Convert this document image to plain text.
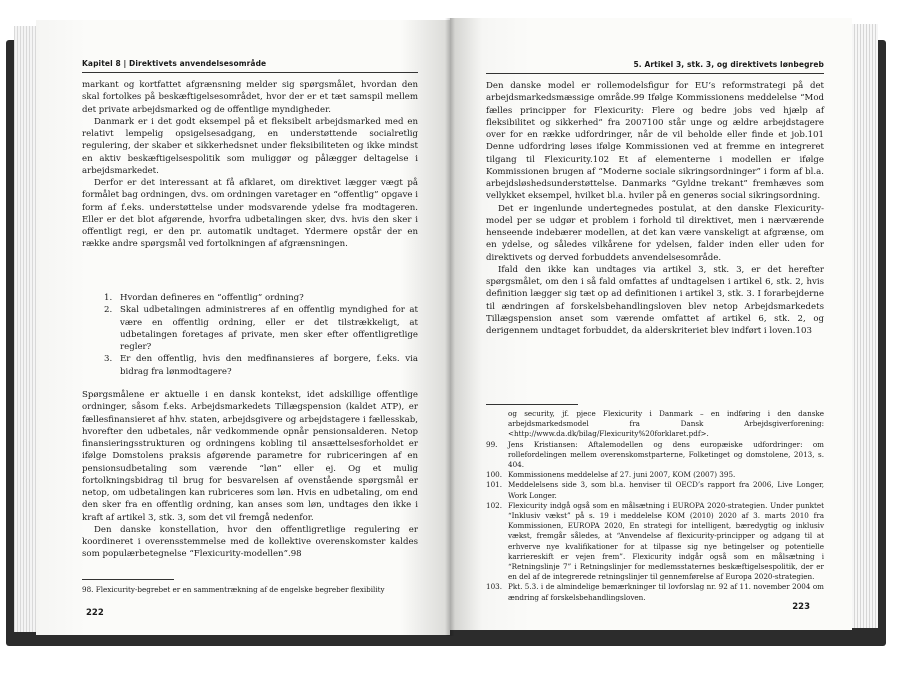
Kapitel 8 | Direktivets anvendelsesområde

markant og kortfattet afgrænsning melder sig spørgsmålet, hvordan den skal fortolkes på beskæftigelsesområdet, hvor der er et tæt samspil mellem det private arbejdsmarked og de offentlige myndigheder.

Danmark er i det godt eksempel på et fleksibelt arbejdsmarked med en relativt lempelig opsigelsesadgang, en understøttende socialretlig regulering, der skaber et sikkerhedsnet under fleksibiliteten og ikke mindst en aktiv beskæftigelsespolitik som muliggør og pålægger deltagelse i arbejdsmarkedet.

Derfor er det interessant at få afklaret, om direktivet lægger vægt på formålet bag ordningen, dvs. om ordningen varetager en “offentlig” opgave i form af f.eks. understøttelse under modsvarende ydelse fra modtageren. Eller er det blot afgørende, hvorfra udbetalingen sker, dvs. hvis den sker i offentligt regi, er den pr. automatik undtaget. Ydermere opstår der en række andre spørgsmål ved fortolkningen af afgrænsningen.

1. Hvordan defineres en “offentlig” ordning?
2. Skal udbetalingen administreres af en offentlig myndighed for at være en offentlig ordning, eller er det tilstrækkeligt, at udbetalingen foretages af private, men sker efter offentligretlige regler?
3. Er den offentlig, hvis den medfinansieres af borgere, f.eks. via bidrag fra lønmodtagere?

Spørgsmålene er aktuelle i en dansk kontekst, idet adskillige offentlige ordninger, såsom f.eks. Arbejdsmarkedets Tillægspension (kaldet ATP), er fællesfinansieret af hhv. staten, arbejdsgivere og arbejdstagere i fællesskab, hvorefter den udbetales, når vedkommende opnår pensionsalderen. Netop finansieringsstrukturen og ordningens kobling til ansættelsesforholdet er ifølge Domstolens praksis afgørende parametre for rubriceringen af en pensionsudbetaling som værende “løn” eller ej. Og et mulig fortolkningsbidrag til brug for besvarelsen af ovenstående spørgsmål er netop, om udbetalingen kan rubriceres som løn. Hvis en udbetaling, om end den sker fra en offentlig ordning, kan anses som løn, undtages den ikke i kraft af artikel 3, stk. 3, som det vil fremgå nedenfor.

Den danske konstellation, hvor den offentligretlige regulering er koordineret i overensstemmelse med de kollektive overenskomster kaldes som populærbetegnelse “Flexicurity-modellen”.98

98. Flexicurity-begrebet er en sammentrækning af de engelske begreber flexibility
222
5. Artikel 3, stk. 3, og direktivets lønbegreb

Den danske model er rollemodelsfigur for EU’s reformstrategi på det arbejdsmarkedsmæssige område.99 Ifølge Kommissionens meddelelse “Mod fælles principper for Flexicurity: Flere og bedre jobs ved hjælp af fleksibilitet og sikkerhed” fra 2007100 står unge og ældre arbejdstagere over for en række udfordringer, når de vil beholde eller finde et job.101 Denne udfordring løses ifølge Kommissionen ved at fremme en integreret tilgang til Flexicurity.102 Et af elementerne i modellen er ifølge Kommissionen brugen af “Moderne sociale sikringsordninger” i form af bl.a. arbejdsløshedsunderstøttelse. Danmarks “Gyldne trekant” fremhæves som vellykket eksempel, hvilket bl.a. hviler på en generøs social sikringsordning.

Det er ingenlunde undertegnedes postulat, at den danske Flexicurity-model per se udgør et problem i forhold til direktivet, men i nærværende henseende indebærer modellen, at det kan være vanskeligt at afgrænse, om en ydelse, og således vilkårene for ydelsen, falder inden eller uden for direktivets og derved forbuddets anvendelsesområde.

Ifald den ikke kan undtages via artikel 3, stk. 3, er det herefter spørgsmålet, om den i så fald omfattes af undtagelsen i artikel 6, stk. 2, hvis definition lægger sig tæt op ad definitionen i artikel 3, stk. 3. I forarbejderne til ændringen af forskelsbehandlingsloven blev netop Arbejdsmarkedets Tillægspension anset som værende omfattet af artikel 6, stk. 2, og derigennem undtaget forbuddet, da alderskriteriet blev indført i loven.103

og security, jf. pjece Flexicurity i Danmark – en indføring i den danske arbejdsmarkedsmodel fra Dansk Arbejdsgiverforening: <http://www.da.dk/bilag/Flexicurity%20forklaret.pdf>.
99. Jens Kristiansen: Aftalemodellen og dens europæiske udfordringer: om rollefordelingen mellem overenskomstparterne, Folketinget og domstolene, 2013, s. 404.
100. Kommissionens meddelelse af 27. juni 2007, KOM (2007) 395.
101. Meddelelsens side 3, som bl.a. henviser til OECD’s rapport fra 2006, Live Longer, Work Longer.
102. Flexicurity indgå også som en målsætning i EUROPA 2020-strategien. Under punktet “Inklusiv vækst” på s. 19 i meddelelse KOM (2010) 2020 af 3. marts 2010 fra Kommissionen, EUROPA 2020, En strategi for intelligent, bæredygtig og inklusiv vækst, fremgår således, at “Anvendelse af flexicurity-principper og adgang til at erhverve nye kvalifikationer for at tilpasse sig nye betingelser og potentielle karriereskift er vejen frem”. Flexicurity indgår også som en målsætning i “Retningslinje 7” i Retningslinjer for medlemsstaternes beskæftigelsespolitik, der er en del af de integrerede retningslinjer til gennemførelse af Europa 2020-strategien.
103. Pkt. 5.3. i de almindelige bemærkninger til lovforslag nr. 92 af 11. november 2004 om ændring af forskelsbehandlingsloven.
223
